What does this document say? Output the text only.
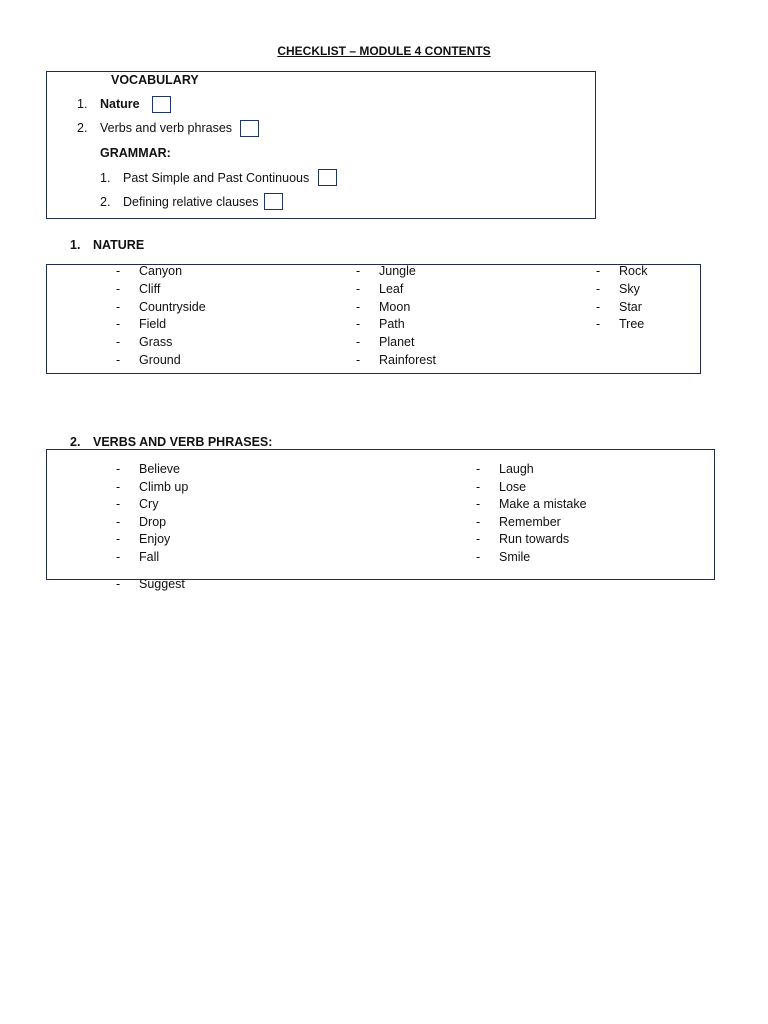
CHECKLIST – MODULE 4 CONTENTS
VOCABULARY
1. Nature
2. Verbs and verb phrases
GRAMMAR:
1. Past Simple and Past Continuous
2. Defining relative clauses
1. NATURE
- Canyon
- Cliff
- Countryside
- Field
- Grass
- Ground
- Jungle
- Leaf
- Moon
- Path
- Planet
- Rainforest
- Rock
- Sky
- Star
- Tree
2. VERBS AND VERB PHRASES:
- Believe
- Climb up
- Cry
- Drop
- Enjoy
- Fall
- Suggest
- Laugh
- Lose
- Make a mistake
- Remember
- Run towards
- Smile
